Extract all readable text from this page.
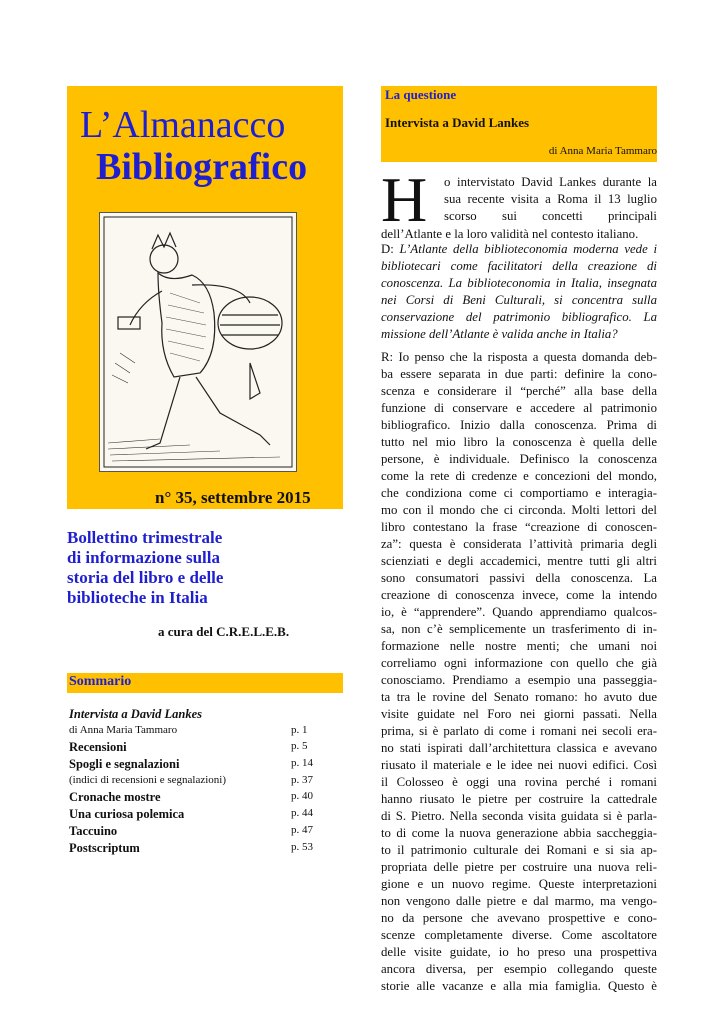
L’Almanacco
Bibliografico
n° 35, settembre 2015
Bollettino trimestrale
di informazione sulla
storia del libro e delle
biblioteche in Italia
a cura del C.R.E.L.E.B.
Sommario
Intervista a David Lankes
di Anna Maria Tammaro	p. 1
Recensioni	p. 5
Spogli e segnalazioni	p. 14
(indici di recensioni e segnalazioni)	p. 37
Cronache mostre	p. 40
Una curiosa polemica	p. 44
Taccuino	p. 47
Postscriptum	p. 53
La questione
Intervista a David Lankes
di Anna Maria Tammaro
H o intervistato David Lankes durante la
sua recente visita a Roma il 13 luglio
scorso sui concetti principali
dell’Atlante e la loro validità nel contesto italiano.
D: L’Atlante della biblioteconomia moderna vede i bibliotecari come facilitatori della creazione di conoscenza. La biblioteconomia in Italia, insegnata nei Corsi di Beni Culturali, si concentra sulla conservazione del patrimonio bibliografico. La missione dell’Atlante è valida anche in Italia?
R: Io penso che la risposta a questa domanda deb-
ba essere separata in due parti: definire la cono-
scenza e considerare il “perché” alla base della
funzione di conservare e accedere al patrimonio
bibliografico. Inizio dalla conoscenza. Prima di
tutto nel mio libro la conoscenza è quella delle
persone, è individuale. Definisco la conoscenza
come la rete di credenze e concezioni del mondo,
che condiziona come ci comportiamo e interagia-
mo con il mondo che ci circonda. Molti lettori del
libro contestano la frase “creazione di conoscen-
za”: questa è considerata l’attività primaria degli
scienziati e degli accademici, mentre tutti gli altri
sono consumatori passivi della conoscenza. La
creazione di conoscenza invece, come la intendo
io, è “apprendere”. Quando apprendiamo qualcos-
sa, non c’è semplicemente un trasferimento di in-
formazione nelle nostre menti; che umani noi
correliamo ogni informazione con quello che già
conosciamo. Prendiamo a esempio una passeggia-
ta tra le rovine del Senato romano: ho avuto due
visite guidate nel Foro nei giorni passati. Nella
prima, si è parlato di come i romani nei secoli era-
no stati ispirati dall’architettura classica e avevano
riusato il materiale e le idee nei nuovi edifici. Così
il Colosseo è oggi una rovina perché i romani
hanno riusato le pietre per costruire la cattedrale
di S. Pietro. Nella seconda visita guidata si è parla-
to di come la nuova generazione abbia saccheggia-
to il patrimonio culturale dei Romani e si sia ap-
propriata delle pietre per costruire una nuova reli-
gione e un nuovo regime. Queste interpretazioni
non vengono dalle pietre e dal marmo, ma vengo-
no da persone che avevano prospettive e cono-
scenze completamente diverse. Come ascoltatore
delle visite guidate, io ho preso una prospettiva
ancora diversa, per esempio collegando queste
storie alle vacanze e alla mia famiglia. Questo è
